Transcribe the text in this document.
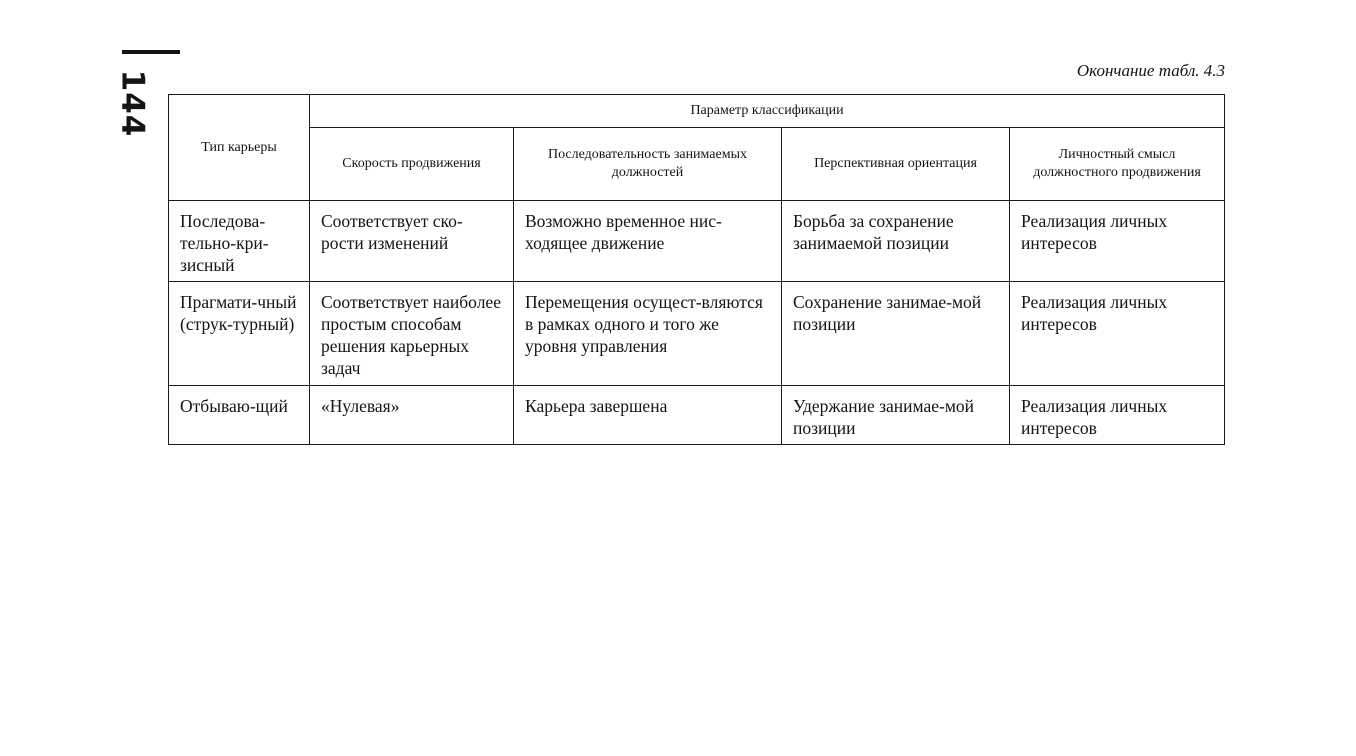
144	Окончание табл. 4.3
Тип карьеры	Параметр классификации			
	Скорость продвижения	Последовательность занимаемых должностей	Перспективная ориентация	Личностный смысл должностного продвижения
Последова-тельно-кри-зисный	Соответствует ско-рости изменений	Возможно временное нис-ходящее движение	Борьба за сохранение занимаемой позиции	Реализация личных интересов
Прагмати-чный (струк-турный)	Соответствует наиболее простым способам решения карьерных задач	Перемещения осущест-вляются в рамках одного и того же уровня управления	Сохранение занимае-мой позиции	Реализация личных интересов
Отбываю-щий	«Нулевая»	Карьера завершена	Удержание занимае-мой позиции	Реализация личных интересов
